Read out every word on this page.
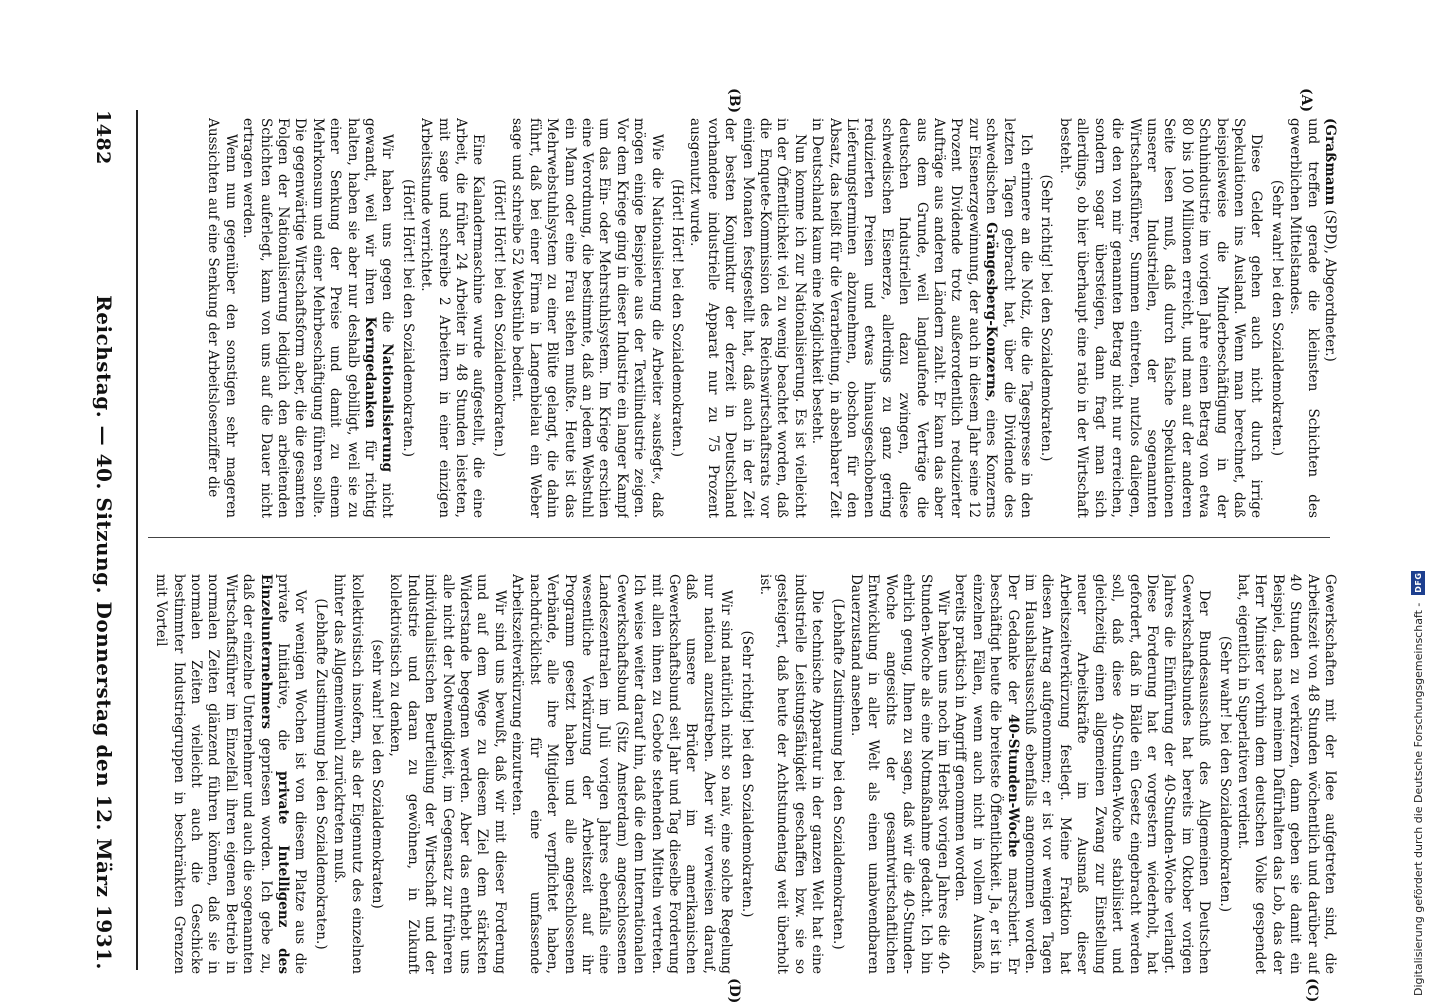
1482
Reichstag. — 40. Sitzung. Donnerstag den 12. März 1931.
(A)
(B)
(C)
(D)

(Graßmann (SPD), Abgeordneter.)

und treffen gerade die kleinsten Schichten des gewerblichen Mittelstandes.

(Sehr wahr! bei den Sozialdemokraten.)

Diese Gelder gehen auch nicht durch irrige Spekulationen ins Ausland. Wenn man berechnet, daß beispielsweise die Minderbeschäftigung in der Schuhindustrie im vorigen Jahre einen Betrag von etwa 80 bis 100 Millionen erreicht, und man auf der anderen Seite lesen muß, daß durch falsche Spekulationen unserer Industriellen, der sogenannten Wirtschaftsführer, Summen eintreten, nutzlos daliegen, die den von mir genannten Betrag nicht nur erreichen, sondern sogar übersteigen, dann fragt man sich allerdings, ob hier überhaupt eine ratio in der Wirtschaft besteht.

(Sehr richtig! bei den Sozialdemokraten.)

Ich erinnere an die Notiz, die die Tagespresse in den letzten Tagen gebracht hat, über die Dividende des schwedischen Grängesberg-Konzerns, eines Konzerns zur Eisenerzgewinnung, der auch in diesem Jahr seine 12 Prozent Dividende trotz außerordentlich reduzierter Aufträge aus anderen Ländern zahlt. Er kann das aber aus dem Grunde, weil langlaufende Verträge die deutschen Industriellen dazu zwingen, diese schwedischen Eisenerze, allerdings zu ganz gering reduzierten Preisen und etwas hinausgeschobenen Lieferungsterminen abzunehmen, obschon für den Absatz, das heißt für die Verarbeitung, in absehbarer Zeit in Deutschland kaum eine Möglichkeit besteht.

Nun komme ich zur Nationalisierung. Es ist vielleicht in der Öffentlichkeit viel zu wenig beachtet worden, daß die Enquete-Kommission des Reichswirtschaftsrats vor einigen Monaten festgestellt hat, daß auch in der Zeit der besten Konjunktur der derzeit in Deutschland vorhandene industrielle Apparat nur zu 75 Prozent ausgenutzt wurde.

(Hört! Hört! bei den Sozialdemokraten.)

Wie die Nationalisierung die Arbeiter »ausfegt«, daß mögen einige Beispiele aus der Textilindustrie zeigen. Vor dem Kriege ging in dieser Industrie ein langer Kampf um das Ein- oder Mehrstuhlsystem. Im Kriege erschien eine Verordnung, die bestimmte, daß an jedem Webstuhl ein Mann oder eine Frau stehen mußte. Heute ist das Mehrwebstuhlsystem zu einer Blüte gelangt, die dahin führt, daß bei einer Firma in Langenbielau ein Weber sage und schreibe 52 Webstühle bedient.

(Hört! Hört! bei den Sozialdemokraten.)

Eine Kalandermaschine wurde aufgestellt, die eine Arbeit, die früher 24 Arbeiter in 48 Stunden leisteten, mit sage und schreibe 2 Arbeitern in einer einzigen Arbeitsstunde verrichtet.

(Hört! Hört! bei den Sozialdemokraten.)

Wir haben uns gegen die Nationalisierung nicht gewandt, weil wir ihren Kerngedanken für richtig halten, haben sie aber nur deshalb gebilligt, weil sie zu einer Senkung der Preise und damit zu einem Mehrkonsum und einer Mehrbeschäftigung führen sollte. Die gegenwärtige Wirtschaftsform aber, die die gesamten Folgen der Nationalisierung lediglich den arbeitenden Schichten auferlegt, kann von uns auf die Dauer nicht ertragen werden.

Wenn nun gegenüber den sonstigen sehr mageren Aussichten auf eine Senkung der Arbeitslosenziffer die

Gewerkschaften mit der Idee aufgetreten sind, die Arbeitszeit von 48 Stunden wöchentlich und darüber auf 40 Stunden zu verkürzen, dann geben sie damit ein Beispiel, das nach meinem Dafürhalten das Lob, das der Herr Minister vorhin dem deutschen Volke gespendet hat, eigentlich in Superlativen verdient.

(Sehr wahr! bei den Sozialdemokraten.)

Der Bundesausschuß des Allgemeinen Deutschen Gewerkschaftsbundes hat bereits im Oktober vorigen Jahres die Einführung der 40-Stunden-Woche verlangt. Diese Forderung hat er vorgestern wiederholt, hat gefordert, daß in Bälde ein Gesetz eingebracht werden soll, daß diese 40-Stunden-Woche stabilisiert und gleichzeitig einen allgemeinen Zwang zur Einstellung neuer Arbeitskräfte im Ausmaß dieser Arbeitszeitverkürzung festlegt. Meine Fraktion hat diesen Antrag aufgenommen; er ist vor wenigen Tagen im Haushaltsausschuß ebenfalls angenommen worden. Der Gedanke der 40-Stunden-Woche marschiert. Er beschäftigt heute die breiteste Öffentlichkeit. Ja, er ist in einzelnen Fällen, wenn auch nicht in vollem Ausmaß, bereits praktisch in Angriff genommen worden.

Wir haben uns noch im Herbst vorigen Jahres die 40-Stunden-Woche als eine Notmaßnahme gedacht. Ich bin ehrlich genug, Ihnen zu sagen, daß wir die 40-Stunden-Woche angesichts der gesamtwirtschaftlichen Entwicklung in aller Welt als einen unabwendbaren Dauerzustand ansehen.

(Lebhafte Zustimmung bei den Sozialdemokraten.)

Die technische Apparatur in der ganzen Welt hat eine industrielle Leistungsfähigkeit geschaffen bzw. sie so gesteigert, daß heute der Achtstundentag weit überholt ist.

(Sehr richtig! bei den Sozialdemokraten.)

Wir sind natürlich nicht so naiv, eine solche Regelung nur national anzustreben. Aber wir verweisen darauf, daß unsere Brüder im amerikanischen Gewerkschaftsbund seit Jahr und Tag dieselbe Forderung mit allen ihnen zu Gebote stehenden Mitteln vertreten. Ich weise weiter darauf hin, daß die dem Internationalen Gewerkschaftsbund (Sitz Amsterdam) angeschlossenen Landeszentralen im Juli vorigen Jahres ebenfalls eine wesentliche Verkürzung der Arbeitszeit auf ihr Programm gesetzt haben und alle angeschlossenen Verbände, alle ihre Mitglieder verpflichtet haben, nachdrücklichst für eine umfassende Arbeitszeitverkürzung einzutreten.

Wir sind uns bewußt, daß wir mit dieser Forderung und auf dem Wege zu diesem Ziel dem stärksten Widerstande begegnen werden. Aber das enthebt uns alle nicht der Notwendigkeit, im Gegensatz zur früheren individualistischen Beurteilung der Wirtschaft und der Industrie und daran zu gewöhnen, in Zukunft kollektivistisch zu denken,

(sehr wahr! bei den Sozialdemokraten)

kollektivistisch insofern, als der Eigennutz des einzelnen hinter das Allgemeinwohl zurücktreten muß.

(Lebhafte Zustimmung bei den Sozialdemokraten.)

Vor wenigen Wochen ist von diesem Platze aus die private Initiative, die private Intelligenz des Einzelunternehmers gepriesen worden. Ich gebe zu, daß der einzelne Unternehmer und auch die sogenannten Wirtschaftsführer im Einzelfall ihren eigenen Betrieb in normalen Zeiten glänzend führen können, daß sie in normalen Zeiten vielleicht auch die Geschicke bestimmter Industriegruppen in beschränkten Grenzen mit Vorteil	Digitalisierung gefördert durch die Deutsche Forschungsgemeinschaft -
DFG
